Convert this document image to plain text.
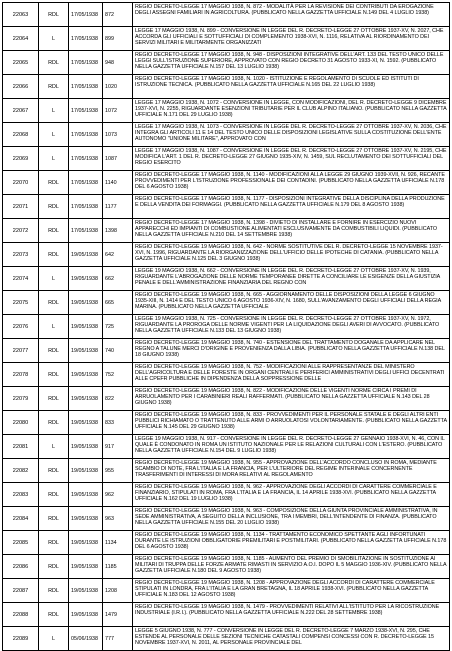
22063	RDL	17/05/1938	872	REGIO DECRETO-LEGGE 17 MAGGIO 1938, N. 872 - MODALITÀ PER LA REVISIONE DEI CONTRIBUTI DA EROGAZIONE DEGLI ASSEGNI FAMILIARI IN AGRICOLTURA. (PUBBLICATO NELLA GAZZETTA UFFICIALE N.149 DEL 4 LUGLIO 1938)
22064	L	17/05/1938	899	LEGGE 17 MAGGIO 1938, N. 899 - CONVERSIONE IN LEGGE DEL R. DECRETO-LEGGE 27 OTTOBRE 1937-XV, N. 2027, CHE ACCORDA GLI UFFICIALI E SOTTUFFICIALI DI COMPLEMENTO 1938-XVI, N. 1116, RELATIVA AL RIORDINAMENTO DEI SERVIZI MILITARI E MILITARMENTE ORGANIZZATI
22065	RDL	17/05/1938	948	REGIO DECRETO-LEGGE 17 MAGGIO 1938, N. 948 - DISPOSIZIONI INTEGRATIVE DELL'ART. 133 DEL TESTO UNICO DELLE LEGGI SULL'ISTRUZIONE SUPERIORE, APPROVATO CON REGIO DECRETO 31 AGOSTO 1933-XI, N. 1592. (PUBBLICATO NELLA GAZZETTA UFFICIALE N.157 DEL 13 LUGLIO 1938)
22066	RDL	17/05/1938	1020	REGIO DECRETO-LEGGE 17 MAGGIO 1938, N. 1020 - ISTITUZIONE E REGOLAMENTO DI SCUOLE ED ISTITUTI DI ISTRUZIONE TECNICA. (PUBBLICATO NELLA GAZZETTA UFFICIALE N.165 DEL 22 LUGLIO 1938)
22067	L	17/05/1938	1072	LEGGE 17 MAGGIO 1938, N. 1072 - CONVERSIONE IN LEGGE, CON MODIFICAZIONI, DEL R. DECRETO-LEGGE 9 DICEMBRE 1937-XVI, N. 2255, RIGUARDANTE ESENZIONI TRIBUTARIE PER IL CLUB ALPINO ITALIANO. (PUBBLICATO NELLA GAZZETTA UFFICIALE N.171 DEL 29 LUGLIO 1938)
22068	L	17/05/1938	1073	LEGGE 17 MAGGIO 1938, N. 1073 - CONVERSIONE IN LEGGE DEL R. DECRETO-LEGGE 27 OTTOBRE 1937-XV, N. 2036, CHE INTEGRA GLI ARTICOLI 11 E 14 DEL TESTO UNICO DELLE DISPOSIZIONI LEGISLATIVE SULLA COSTITUZIONE DELL'ENTE AUTONOMO "UNIONE MILITARE", APPROVATO CON
22069	L	17/05/1938	1087	LEGGE 17 MAGGIO 1938, N. 1087 - CONVERSIONE IN LEGGE DEL R. DECRETO-LEGGE 27 OTTOBRE 1937-XV, N. 2195, CHE MODIFICA L'ART. 1 DEL R. DECRETO-LEGGE 27 GIUGNO 1935-XIV, N. 1459, SUL RECLUTAMENTO DEI SOTTUFFICIALI DEL REGIO ESERCITO
22070	RDL	17/05/1938	1140	REGIO DECRETO-LEGGE 17 MAGGIO 1938, N. 1140 - MODIFICAZIONI ALLA LEGGE 29 GIUGNO 1939-XVII, N. 926, RECANTE PROVVEDIMENTI PER L'ISTRUZIONE PROFESSIONALE DEI CONTADINI. (PUBBLICATO NELLA GAZZETTA UFFICIALE N.178 DEL 6 AGOSTO 1938)
22071	RDL	17/05/1938	1177	REGIO DECRETO-LEGGE 17 MAGGIO 1938, N. 1177 - DISPOSIZIONI INTEGRATIVE DELLA DISCIPLINA DELLA PRODUZIONE E DELLA VENDITA DEI FORMAGGI. (PUBBLICATO NELLA GAZZETTA UFFICIALE N.179 DEL 8 AGOSTO 1938)
22072	RDL	17/05/1938	1398	REGIO DECRETO-LEGGE 17 MAGGIO 1938, N. 1398 - DIVIETO DI INSTALLARE E FORNIRE IN ESERCIZIO NUOVI APPARECCHI ED IMPIANTI DI COMBUSTIONE ALIMENTATI ESCLUSIVAMENTE DA COMBUSTIBILI LIQUIDI. (PUBBLICATO NELLA GAZZETTA UFFICIALE N.210 DEL 14 SETTEMBRE 1938)
22073	RDL	19/05/1938	642	REGIO DECRETO-LEGGE 19 MAGGIO 1938, N. 642 - NORME SOSTITUTIVE DEL R. DECRETO-LEGGE 15 NOVEMBRE 1937-XVI, N. 1996, RIGUARDANTE LA RIORGANIZZAZIONE DELL'UFFICIO DELLE IPOTECHE DI CATANIA. (PUBBLICATO NELLA GAZZETTA UFFICIALE N.125 DEL 3 GIUGNO 1938)
22074	L	19/05/1938	662	LEGGE 19 MAGGIO 1938, N. 662 - CONVERSIONE IN LEGGE DEL R. DECRETO-LEGGE 27 OTTOBRE 1937-XV, N. 1939, RIGUARDANTE L'ABROGAZIONE DELLE NORME TEMPORANEE DIRETTE A CONCILIARE LE ESIGENZE DELLA GIUSTIZIA PENALE E DELL'AMMINISTRAZIONE FINANZIARIA DEL REGNO CON
22075	RDL	19/05/1938	665	REGIO DECRETO-LEGGE 19 MAGGIO 1938, N. 665 - AGGIORNAMENTO DELLE DISPOSIZIONI DELLA LEGGE 6 GIUGNO 1935-XIII, N. 1414 E DEL TESTO UNICO 6 AGOSTO 1936-XIV, N. 1680, SULL'AVANZAMENTO DEGLI UFFICIALI DELLA REGIA MARINA. (PUBBLICATO NELLA GAZZETTA UFFICIALE
22076	L	19/05/1938	725	LEGGE 19 MAGGIO 1938, N. 725 - CONVERSIONE IN LEGGE DEL R. DECRETO-LEGGE 27 OTTOBRE 1937-XV, N. 1972, RIGUARDANTE LA PROROGA DELLE NORME VIGENTI PER LA LIQUIDAZIONE DEGLI AVERI DI AVVOCATO. (PUBBLICATO NELLA GAZZETTA UFFICIALE N.133 DEL 13 GIUGNO 1938)
22077	RDL	19/05/1938	740	REGIO DECRETO-LEGGE 19 MAGGIO 1938, N. 740 - ESTENSIONE DEL TRATTAMENTO DOGANALE DA APPLICARE NEL REGNO A TALUNE MERCI D'ORIGINE E PROVENIENZA DALLA LIBIA. (PUBBLICATO NELLA GAZZETTA UFFICIALE N.138 DEL 18 GIUGNO 1938)
22078	RDL	19/05/1938	752	REGIO DECRETO-LEGGE 19 MAGGIO 1938, N. 752 - MODIFICAZIONI ALLE RAPPRESENTANZE DEL MINISTERO DELL'AGRICOLTURA E DELLE FORESTE IN ORGANI CENTRALI E PERIFERICI AMMINISTRATIVI DEGLI UFFICI DECENTRATI ALLE CPEFR PUBBLICHE IN DIPENDENZA DELLA SOPPRESSIONE DELLE
22079	RDL	19/05/1938	822	REGIO DECRETO-LEGGE 19 MAGGIO 1938, N. 822 - MODIFICAZIONE DELLE VIGENTI NORME CIRCA I PREMI DI ARRUOLAMENTO PER I CARABINIERI REALI RAFFERMATI. (PUBBLICATO NELLA GAZZETTA UFFICIALE N.143 DEL 28 GIUGNO 1938)
22080	RDL	19/05/1938	833	REGIO DECRETO-LEGGE 19 MAGGIO 1938, N. 833 - PROVVEDIMENTI PER IL PERSONALE STATALE E DEGLI ALTRI ENTI PUBBLICI RICHIAMATO O TRATTENUTO ALLE ARMI O ARRUOLATOSI VOLONTARIAMENTE. (PUBBLICATO NELLA GAZZETTA UFFICIALE N.145 DEL 29 GIUGNO 1938)
22081	L	19/05/1938	917	LEGGE 19 MAGGIO 1938, N. 917 - CONVERSIONE IN LEGGE DEL R. DECRETO-LEGGE 27 GENNAIO 1938-XVI, N. 46, CON IL QUALE È CONDONATO IN ROMA UN ISTITUTO NAZIONALE PER LE RELAZIONI CULTURALI CON L'ESTERO. (PUBBLICATO NELLA GAZZETTA UFFICIALE N.154 DEL 9 LUGLIO 1938)
22082	RDL	19/05/1938	955	REGIO DECRETO-LEGGE 19 MAGGIO 1938, N. 955 - APPROVAZIONE DELL'ACCORDO CONCLUSO IN ROMA, MEDIANTE SCAMBIO DI NOTE, FRA L'ITALIA E LA FRANCIA, PER L'ULTERIORE DEL REGIME INTERINALE CONCERNENTE TRASFERIMENTI DI INTERESSI DI MORA RELATIVI AL REGOLAMENTO
22083	RDL	19/05/1938	962	REGIO DECRETO-LEGGE 19 MAGGIO 1938, N. 962 - APPROVAZIONE DEGLI ACCORDI DI CARATTERE COMMERCIALE E FINANZIARIO, STIPULATI IN ROMA, FRA L'ITALIA E LA FRANCIA, IL 14 APRILE 1938-XVI. (PUBBLICATO NELLA GAZZETTA UFFICIALE N.162 DEL 19 LUGLIO 1938)
22084	RDL	19/05/1938	963	REGIO DECRETO-LEGGE 19 MAGGIO 1938, N. 963 - COMPOSIZIONE DELLA GIUNTA PROVINCIALE AMMINISTRATIVA, IN SEDE AMMINISTRATIVA, A SEGUITO DELLA INCLUSIONE, TRA I MEMBRI, DELL'INTENDENTE DI FINANZA. (PUBBLICATO NELLA GAZZETTA UFFICIALE N.155 DEL 20 LUGLIO 1938)
22085	RDL	19/05/1938	1134	REGIO DECRETO-LEGGE 19 MAGGIO 1938, N. 1134 - TRATTAMENTO ECONOMICO SPETTANTE AGLI INFORTUNATI DURANTE LE ISTRUZIONI OBBLIGATORIE PREMILITARI E POSTMILITARI. (PUBBLICATO NELLA GAZZETTA UFFICIALE N.178 DEL 6 AGOSTO 1938)
22086	RDL	19/05/1938	1185	REGIO DECRETO-LEGGE 19 MAGGIO 1938, N. 1185 - AUMENTO DEL PREMIO DI SMOBILITAZIONE IN SOSTITUZIONE AI MILITARI DI TRUPPA DELLE FORZE ARMATE RIMASTI IN SERVIZIO A.O.I. DOPO IL 5 MAGGIO 1936-XIV. (PUBBLICATO NELLA GAZZETTA UFFICIALE N.180 DEL 9 AGOSTO 1938)
22087	RDL	19/05/1938	1208	REGIO DECRETO-LEGGE 19 MAGGIO 1938, N. 1208 - APPROVAZIONE DEGLI ACCORDI DI CARATTERE COMMERCIALE STIPULATI IN LONDRA, FRA L'ITALIA E LA GRAN BRETAGNA, IL 18 APRILE 1938-XVI. (PUBBLICATO NELLA GAZZETTA UFFICIALE N.183 DEL 12 AGOSTO 1938)
22088	RDL	19/05/1938	1479	REGIO DECRETO-LEGGE 19 MAGGIO 1938, N. 1479 - PROVVEDIMENTI RELATIVI ALL'ISTITUTO PER LA RICOSTRUZIONE INDUSTRIALE (I.R.I.). (PUBBLICATO NELLA GAZZETTA UFFICIALE N.222 DEL 28 SETTEMBRE 1938)
22089	L	05/06/1938	777	LEGGE 5 GIUGNO 1938, N. 777 - CONVERSIONE IN LEGGE DEL R. DECRETO-LEGGE 7 MARZO 1938-XVI, N. 295, CHE ESTENDE AL PERSONALE DELLE SEZIONI TECNICHE CATASTALI COMPENSI CONCESSI CON R. DECRETO-LEGGE 15 NOVEMBRE 1937-XVI, N. 2011, AL PERSONALE PROVINCIALE DEL
